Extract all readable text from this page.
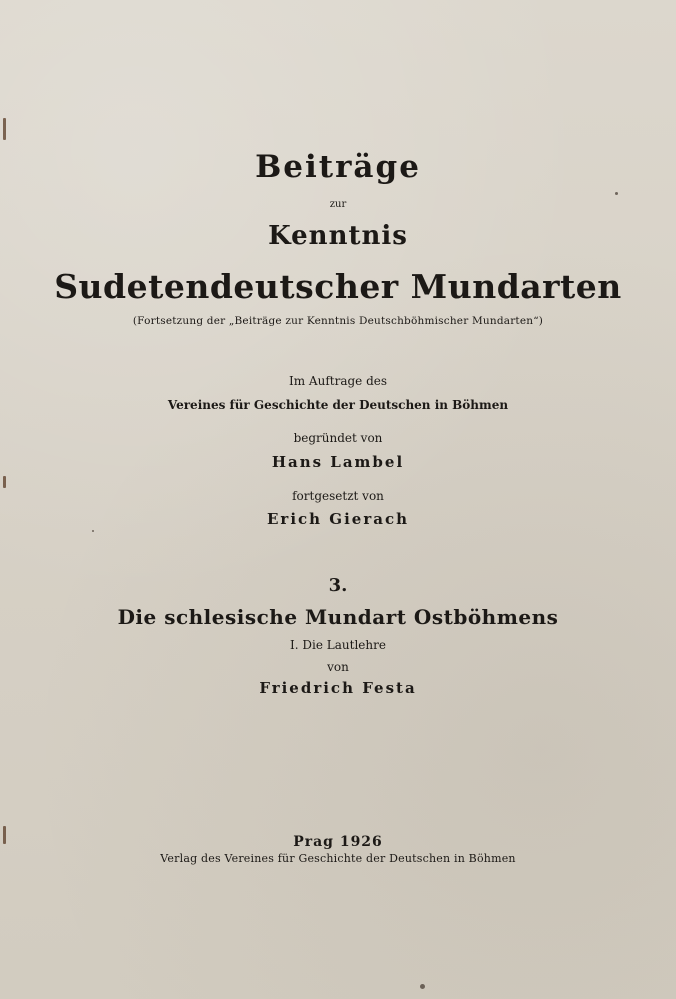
Beiträge
zur
Kenntnis
Sudetendeutscher Mundarten
(Fortsetzung der „Beiträge zur Kenntnis Deutschböhmischer Mundarten“)
Im Auftrage des
Vereines für Geschichte der Deutschen in Böhmen
begründet von
Hans Lambel
fortgesetzt von
Erich Gierach
3.
Die schlesische Mundart Ostböhmens
I. Die Lautlehre
von
Friedrich Festa
Prag 1926
Verlag des Vereines für Geschichte der Deutschen in Böhmen
